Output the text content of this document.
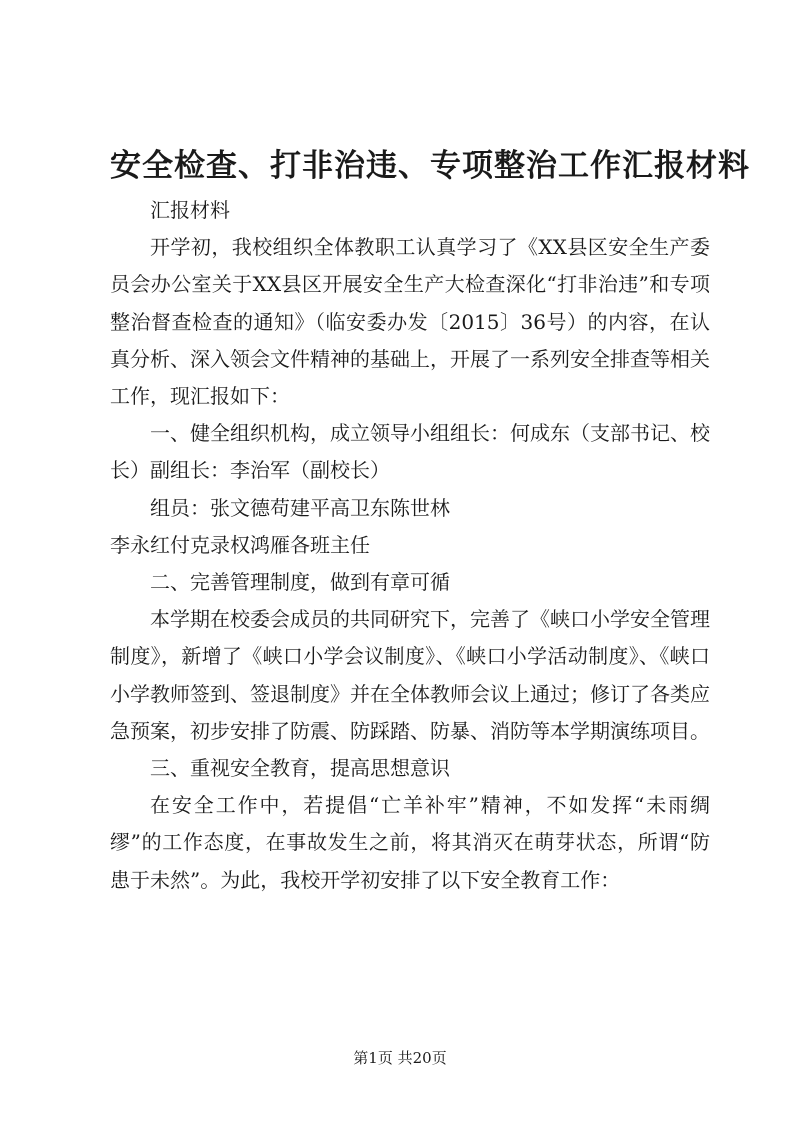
安全检查、打非治违、专项整治工作汇报材料

汇报材料

开学初，我校组织全体教职工认真学习了《XX县区安全生产委员会办公室关于XX县区开展安全生产大检查深化“打非治违”和专项整治督查检查的通知》（临安委办发〔2015〕36号）的内容，在认真分析、深入领会文件精神的基础上，开展了一系列安全排查等相关工作，现汇报如下：

一、健全组织机构，成立领导小组组长：何成东（支部书记、校长）副组长：李治军（副校长）

组员：张文德苟建平高卫东陈世林

李永红付克录权鸿雁各班主任

二、完善管理制度，做到有章可循

本学期在校委会成员的共同研究下，完善了《峡口小学安全管理制度》，新增了《峡口小学会议制度》、《峡口小学活动制度》、《峡口小学教师签到、签退制度》并在全体教师会议上通过；修订了各类应急预案，初步安排了防震、防踩踏、防暴、消防等本学期演练项目。

三、重视安全教育，提高思想意识

在安全工作中，若提倡“亡羊补牢”精神，不如发挥“未雨绸缪”的工作态度，在事故发生之前，将其消灭在萌芽状态，所谓“防患于未然”。为此，我校开学初安排了以下安全教育工作：

第1页 共20页
